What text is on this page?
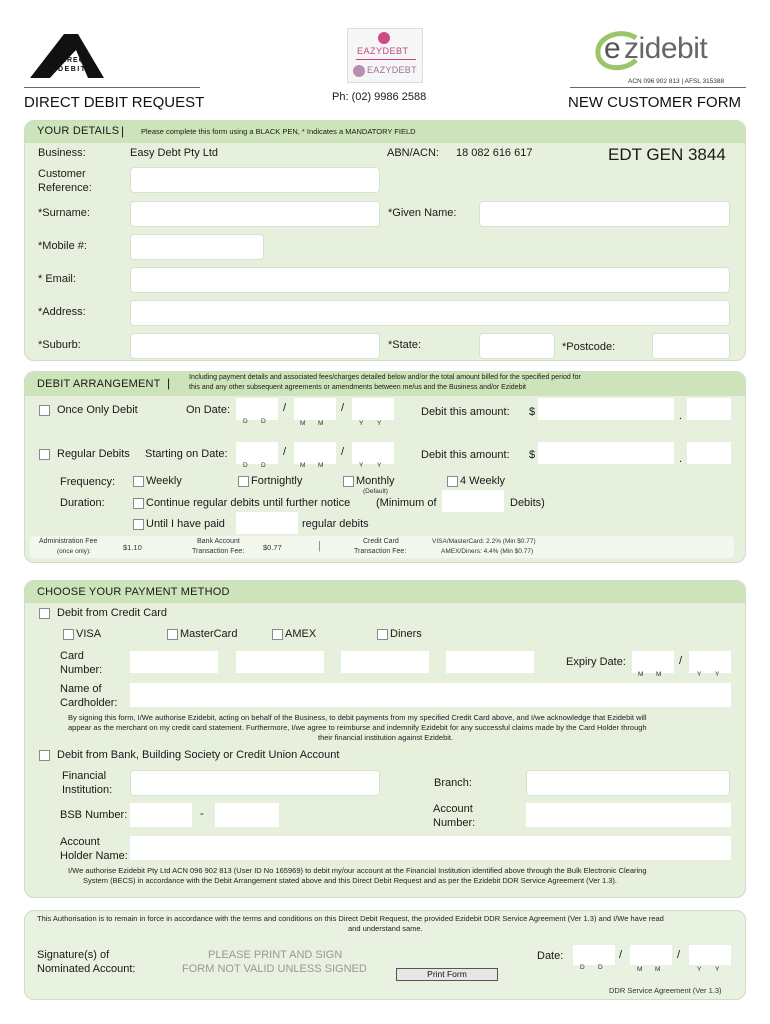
DIRECT
DEBIT
DIRECT DEBIT REQUEST
EAZYDEBT
EAZYDEBT
Ph: (02) 9986 2588
e zidebit
ACN 096 902 813 | AFSL 315388
NEW CUSTOMER FORM
YOUR DETAILS | Please complete this form using a BLACK PEN, * Indicates a MANDATORY FIELD
Business:	Easy Debt Pty Ltd	ABN/ACN: 18 082 616 617	EDT GEN 3844
Customer Reference:
*Surname:	*Given Name:
*Mobile #:
* Email:
*Address:
*Suburb:	*State:	*Postcode:
DEBIT ARRANGEMENT |	Including payment details and associated fees/charges detailed below and/or the total amount billed for the specified period for
this and any other subsequent agreements or amendments between me/us and the Business and/or Ezidebit
Once Only Debit	On Date:	/	/
D D	M M	Y Y
Debit this amount: $	.
Regular Debits Starting on Date:	/	/
D D	M M	Y Y
Debit this amount: $	.
Frequency:	Weekly	Fortnightly	Monthly
(Default)
4 Weekly
Duration:	Continue regular debits until further notice (Minimum of	Debits)
Until I have paid	regular debits
Administration Fee
(once only):	$1.10
Bank Account
Transaction Fee: $0.77	|	Credit Card
Transaction Fee:
VISA/MasterCard: 2.2% (Min $0.77)
AMEX/Diners: 4.4% (Min $0.77)
CHOOSE YOUR PAYMENT METHOD
Debit from Credit Card
VISA	MasterCard	AMEX	Diners
Card Number:
Expiry Date:	/
M M	Y Y
Name of Cardholder:
By signing this form, I/We authorise Ezidebit, acting on behalf of the Business, to debit payments from my specified Credit Card above, and I/we acknowledge that Ezidebit will
appear as the merchant on my credit card statement. Furthermore, I/we agree to reimburse and indemnify Ezidebit for any successful claims made by the Card Holder through
their financial institution against Ezidebit.
Debit from Bank, Building Society or Credit Union Account
Financial Institution:
Branch:
BSB Number:	-	Account Number:
Account Holder Name:
I/We authorise Ezidebit Pty Ltd ACN 096 902 813 (User ID No 165969) to debit my/our account at the Financial Institution identified above through the Bulk Electronic Clearing
System (BECS) in accordance with the Debit Arrangement stated above and this Direct Debit Request and as per the Ezidebit DDR Service Agreement (Ver 1.3).
This Authorisation is to remain in force in accordance with the terms and conditions on this Direct Debit Request, the provided Ezidebit DDR Service Agreement (Ver 1.3) and I/We have read
and understand same.
Signature(s) of
Nominated Account:
PLEASE PRINT AND SIGN
FORM NOT VALID UNLESS SIGNED	Print Form
Date:	/	/
D D	M M	Y Y
DDR Service Agreement (Ver 1.3)
